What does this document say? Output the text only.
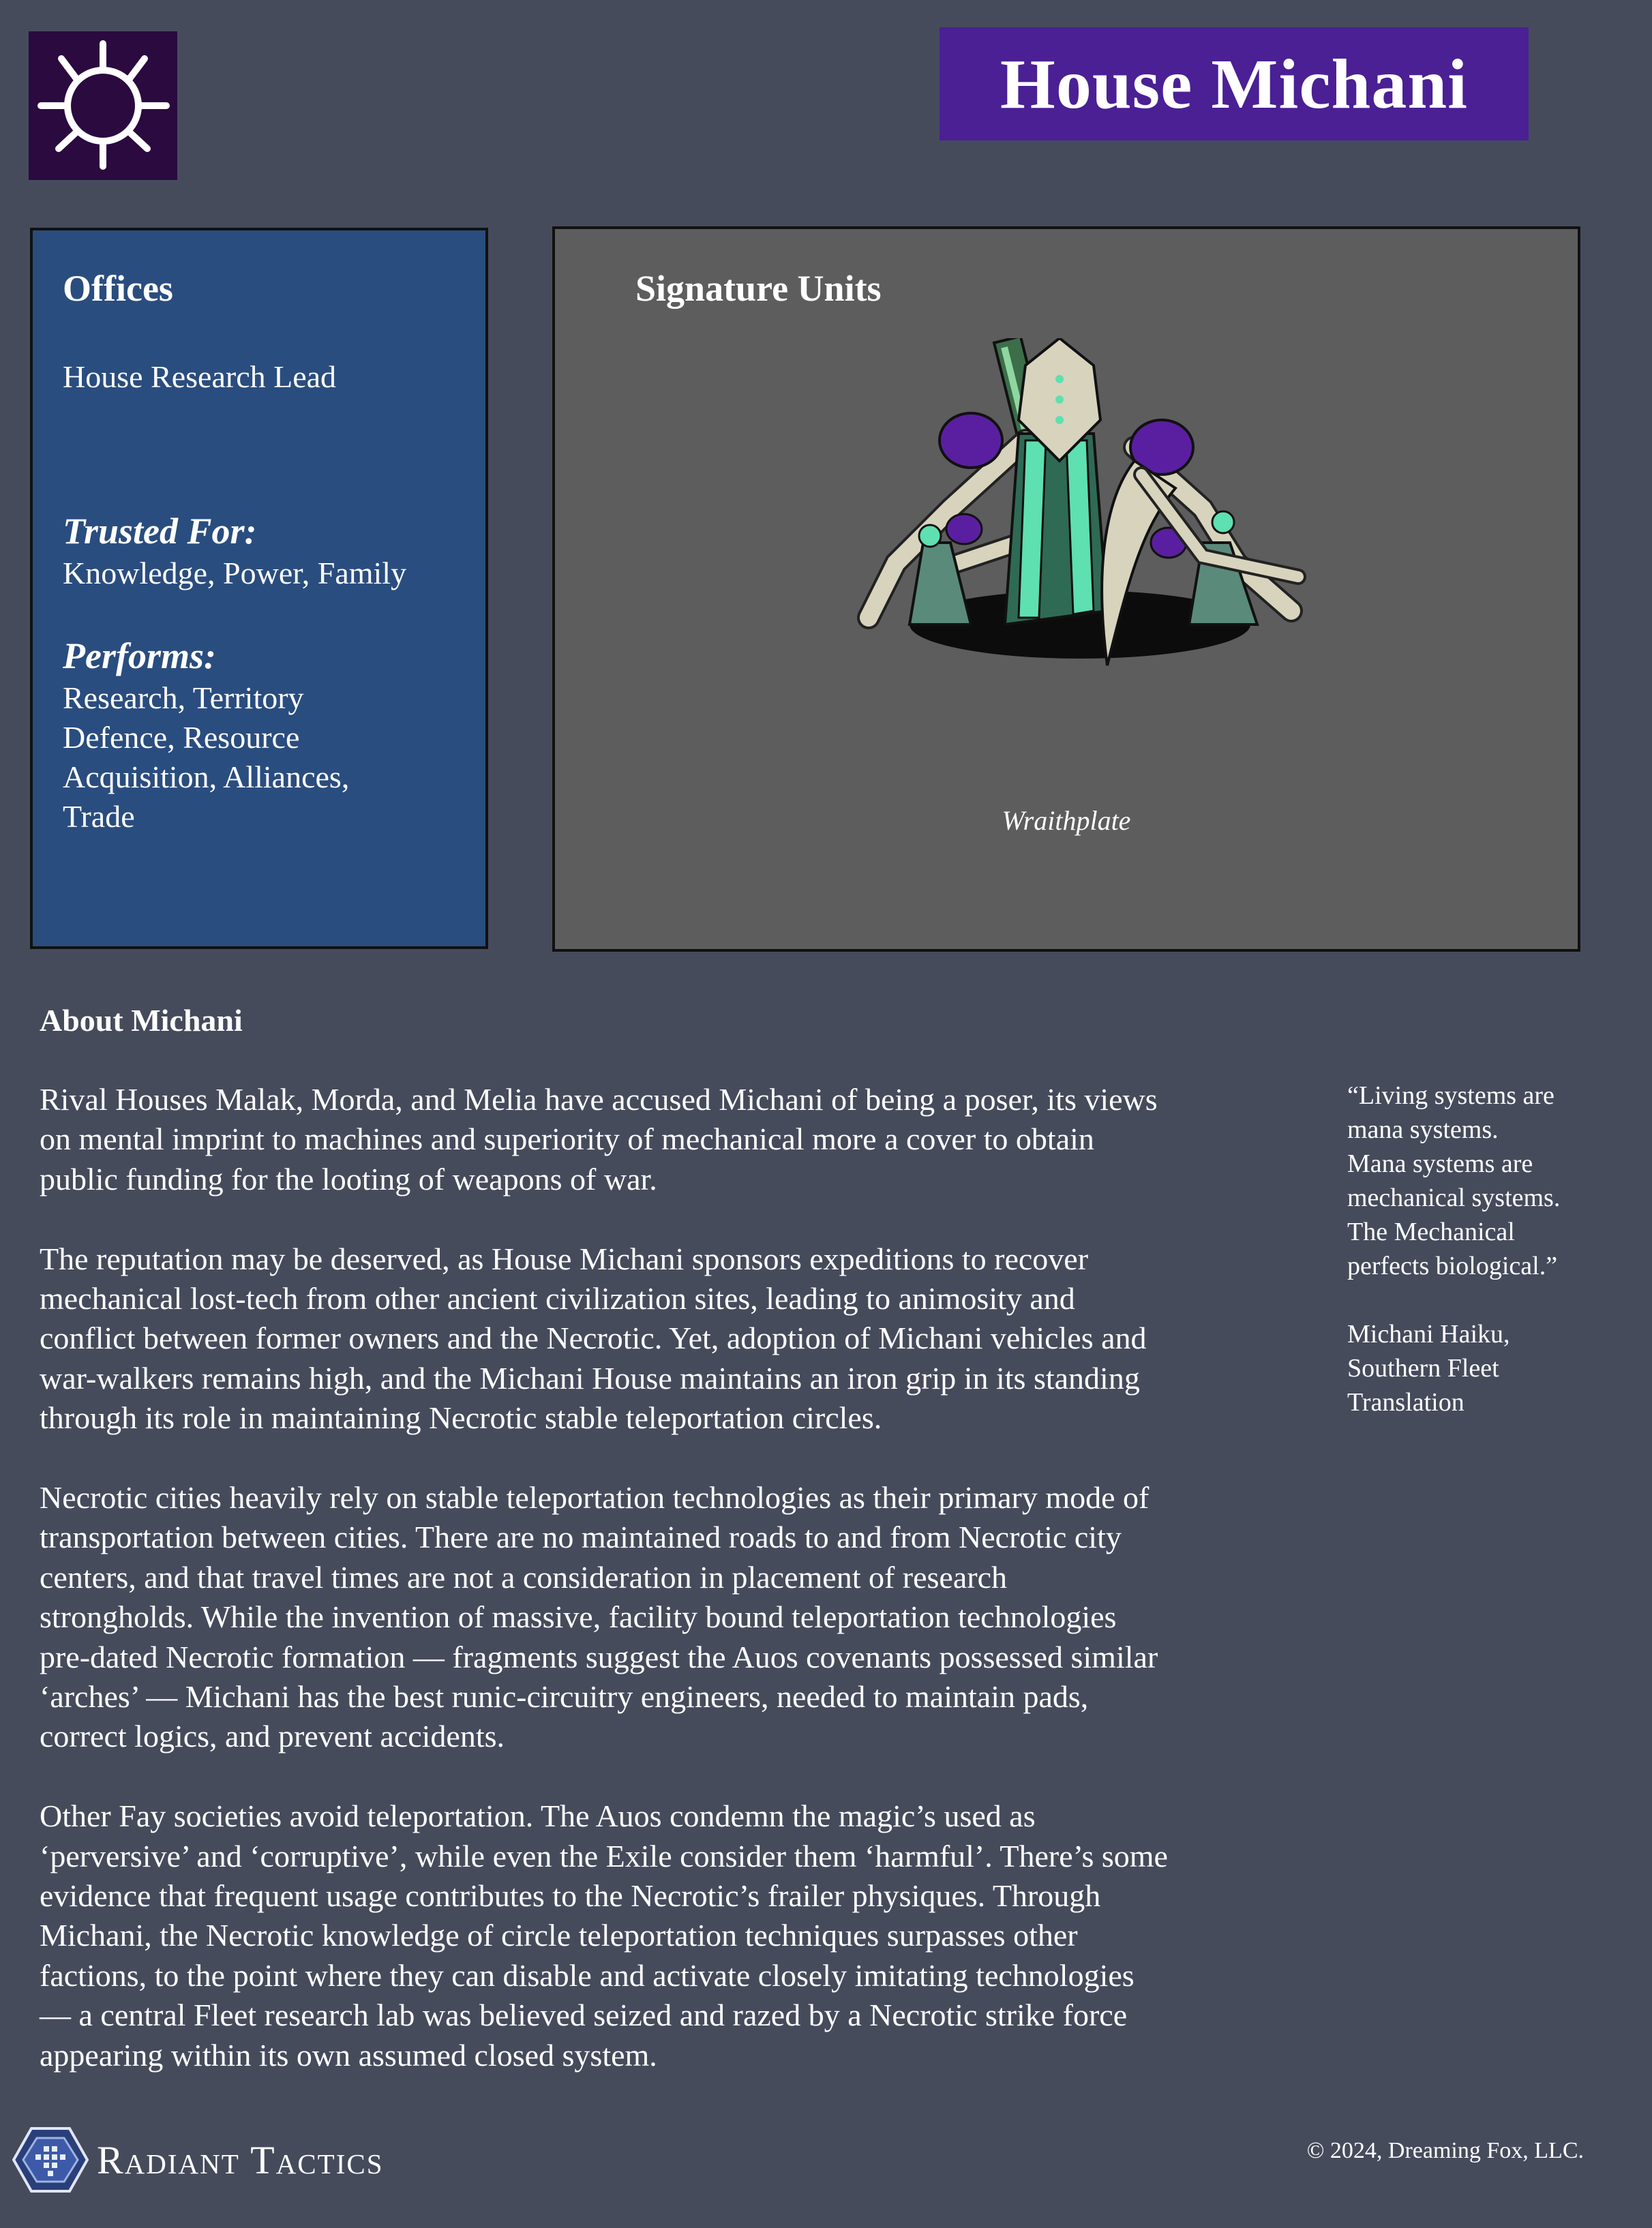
House Michani
Offices
House Research Lead
Trusted For:
Knowledge, Power, Family
Performs:
Research, Territory
Defence, Resource
Acquisition, Alliances,
Trade
Signature Units
Wraithplate
About Michani

Rival Houses Malak, Morda, and Melia have accused Michani of being a poser, its views
on mental imprint to machines and superiority of mechanical more a cover to obtain
public funding for the looting of weapons of war.

The reputation may be deserved, as House Michani sponsors expeditions to recover
mechanical lost-tech from other ancient civilization sites, leading to animosity and
conflict between former owners and the Necrotic. Yet, adoption of Michani vehicles and
war-walkers remains high, and the Michani House maintains an iron grip in its standing
through its role in maintaining Necrotic stable teleportation circles.

Necrotic cities heavily rely on stable teleportation technologies as their primary mode of
transportation between cities. There are no maintained roads to and from Necrotic city
centers, and that travel times are not a consideration in placement of research
strongholds. While the invention of massive, facility bound teleportation technologies
pre-dated Necrotic formation — fragments suggest the Auos covenants possessed similar
‘arches’ — Michani has the best runic-circuitry engineers, needed to maintain pads,
correct logics, and prevent accidents.

Other Fay societies avoid teleportation. The Auos condemn the magic’s used as
‘perversive’ and ‘corruptive’, while even the Exile consider them ‘harmful’. There’s some
evidence that frequent usage contributes to the Necrotic’s frailer physiques. Through
Michani, the Necrotic knowledge of circle teleportation techniques surpasses other
factions, to the point where they can disable and activate closely imitating technologies
— a central Fleet research lab was believed seized and razed by a Necrotic strike force
appearing within its own assumed closed system.

“Living systems are
mana systems.
Mana systems are
mechanical systems.
The Mechanical
perfects biological.”

Michani Haiku,
Southern Fleet
Translation

Radiant Tactics	© 2024, Dreaming Fox, LLC.
